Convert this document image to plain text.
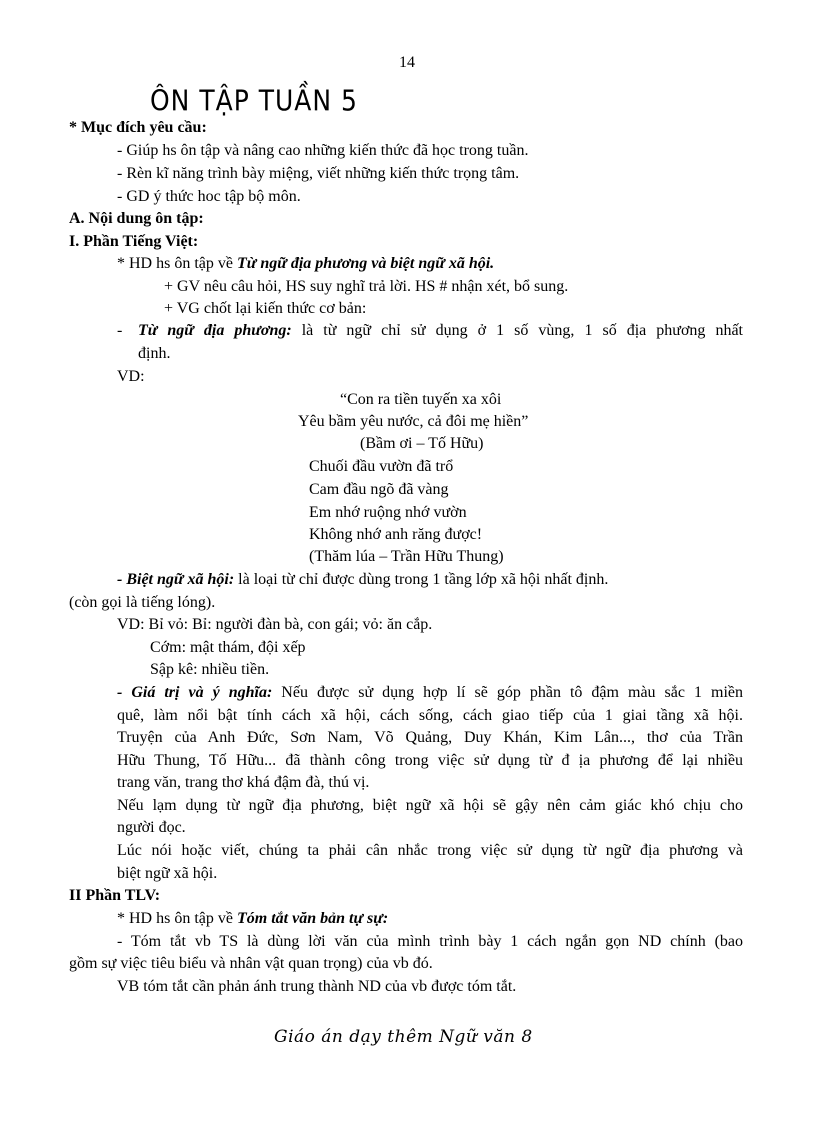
14
ÔN TẬP TUẦN 5
* Mục đích yêu cầu:
- Giúp hs ôn tập và nâng cao những kiến thức đã học trong tuần.
- Rèn kĩ năng trình bày miệng, viết những kiến thức trọng tâm.
- GD ý thức hoc tập bộ môn.
A. Nội dung ôn tập:
I. Phần Tiếng Việt:
* HD hs ôn tập về Từ ngữ địa phương và biệt ngữ xã hội.
+ GV nêu câu hỏi, HS suy nghĩ trả lời. HS # nhận xét, bổ sung.
+ VG chốt lại kiến thức cơ bản:
- Từ ngữ địa phương: là từ ngữ chỉ sử dụng ở 1 số vùng, 1 số địa phương nhất
định.
VD:
“Con ra tiền tuyến xa xôi
Yêu bầm yêu nước, cả đôi mẹ hiền”
(Bầm ơi – Tố Hữu)
Chuối đầu vườn đã trổ
Cam đầu ngõ đã vàng
Em nhớ ruộng nhớ vườn
Không nhớ anh răng được!
(Thăm lúa – Trần Hữu Thung)
- Biệt ngữ xã hội: là loại từ chỉ được dùng trong 1 tầng lớp xã hội nhất định.
(còn gọi là tiếng lóng).
VD: Bỉ vỏ: Bỉ: người đàn bà, con gái; vỏ: ăn cắp.
Cớm: mật thám, đội xếp
Sập kê: nhiều tiền.
- Giá trị và ý nghĩa: Nếu được sử dụng hợp lí sẽ góp phần tô đậm màu sắc 1 miền
quê, làm nổi bật tính cách xã hội, cách sống, cách giao tiếp của 1 giai tầng xã hội.
Truyện của Anh Đức, Sơn Nam, Võ Quảng, Duy Khán, Kim Lân..., thơ của Trần
Hữu Thung, Tố Hữu... đã thành công trong việc sử dụng từ đ ịa phương để lại nhiều
trang văn, trang thơ khá đậm đà, thú vị.
Nếu lạm dụng từ ngữ địa phương, biệt ngữ xã hội sẽ gậy nên cảm giác khó chịu cho
người đọc.
Lúc nói hoặc viết, chúng ta phải cân nhắc trong việc sử dụng từ ngữ địa phương và
biệt ngữ xã hội.
II Phần TLV:
* HD hs ôn tập về Tóm tắt văn bản tự sự:
- Tóm tắt vb TS là dùng lời văn của mình trình bày 1 cách ngắn gọn ND chính (bao
gồm sự việc tiêu biểu và nhân vật quan trọng) của vb đó.
VB tóm tắt cần phản ánh trung thành ND của vb được tóm tắt.
Giáo án dạy thêm Ngữ văn 8
